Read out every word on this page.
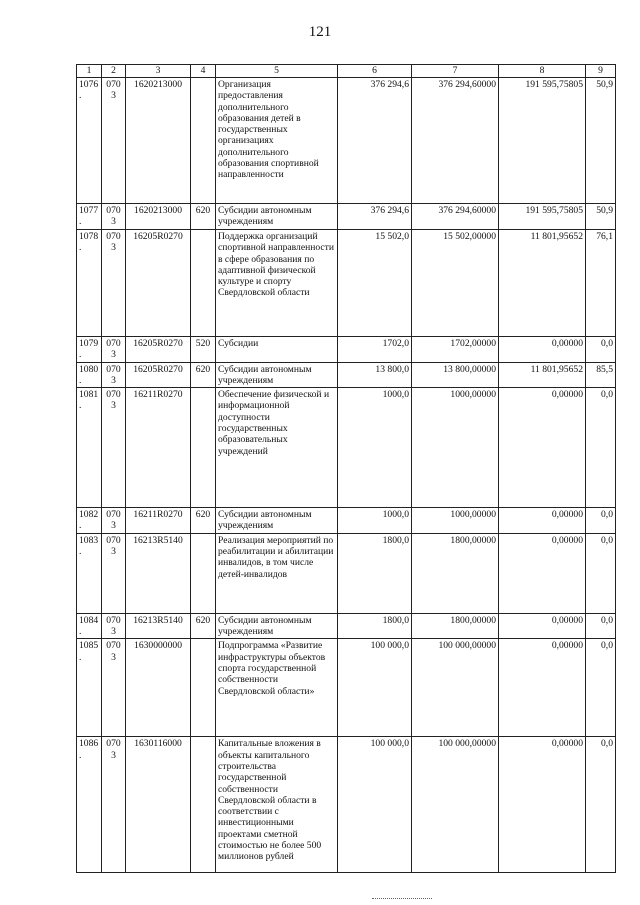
121
1	2	3	4	5	6	7	8	9
1076.	0703	1620213000		Организация предоставления дополнительного образования детей в государственных организациях дополнительного образования спортивной направленности	376 294,6	376 294,60000	191 595,75805	50,9
1077.	0703	1620213000	620	Субсидии автономным учреждениям	376 294,6	376 294,60000	191 595,75805	50,9
1078.	0703	16205R0270		Поддержка организаций спортивной направленности в сфере образования по адаптивной физической культуре и спорту Свердловской области	15 502,0	15 502,00000	11 801,95652	76,1
1079.	0703	16205R0270	520	Субсидии	1702,0	1702,00000	0,00000	0,0
1080.	0703	16205R0270	620	Субсидии автономным учреждениям	13 800,0	13 800,00000	11 801,95652	85,5
1081.	0703	16211R0270		Обеспечение физической и информационной доступности государственных образовательных учреждений	1000,0	1000,00000	0,00000	0,0
1082.	0703	16211R0270	620	Субсидии автономным учреждениям	1000,0	1000,00000	0,00000	0,0
1083.	0703	16213R5140		Реализация мероприятий по реабилитации и абилитации инвалидов, в том числе детей-инвалидов	1800,0	1800,00000	0,00000	0,0
1084.	0703	16213R5140	620	Субсидии автономным учреждениям	1800,0	1800,00000	0,00000	0,0
1085.	0703	1630000000		Подпрограмма «Развитие инфраструктуры объектов спорта государственной собственности Свердловской области»	100 000,0	100 000,00000	0,00000	0,0
1086.	0703	1630116000		Капитальные вложения в объекты капитального строительства государственной собственности Свердловской области в соответствии с инвестиционными проектами сметной стоимостью не более 500 миллионов рублей	100 000,0	100 000,00000	0,00000	0,0
